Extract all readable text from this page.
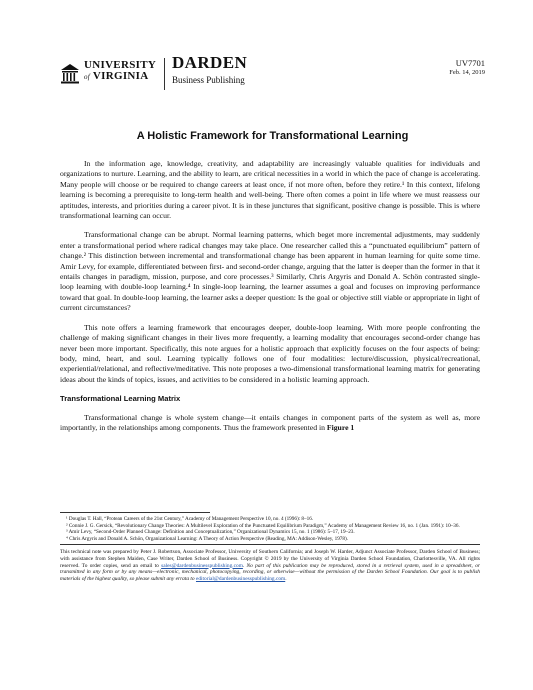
UNIVERSITY
of VIRGINIA
DARDEN
Business Publishing
UV7701
Feb. 14, 2019
A Holistic Framework for Transformational Learning

In the information age, knowledge, creativity, and adaptability are increasingly valuable qualities for individuals and organizations to nurture. Learning, and the ability to learn, are critical necessities in a world in which the pace of change is accelerating. Many people will choose or be required to change careers at least once, if not more often, before they retire.¹ In this context, lifelong learning is becoming a prerequisite to long-term health and well-being. There often comes a point in life where we must reassess our aptitudes, interests, and priorities during a career pivot. It is in these junctures that significant, positive change is possible. This is where transformational learning can occur.

Transformational change can be abrupt. Normal learning patterns, which beget more incremental adjustments, may suddenly enter a transformational period where radical changes may take place. One researcher called this a “punctuated equilibrium” pattern of change.² This distinction between incremental and transformational change has been apparent in human learning for quite some time. Amir Levy, for example, differentiated between first- and second-order change, arguing that the latter is deeper than the former in that it entails changes in paradigm, mission, purpose, and core processes.³ Similarly, Chris Argyris and Donald A. Schön contrasted single-loop learning with double-loop learning.⁴ In single-loop learning, the learner assumes a goal and focuses on improving performance toward that goal. In double-loop learning, the learner asks a deeper question: Is the goal or objective still viable or appropriate in light of current circumstances?

This note offers a learning framework that encourages deeper, double-loop learning. With more people confronting the challenge of making significant changes in their lives more frequently, a learning modality that encourages second-order change has never been more important. Specifically, this note argues for a holistic approach that explicitly focuses on the four aspects of being: body, mind, heart, and soul. Learning typically follows one of four modalities: lecture/discussion, physical/recreational, experiential/relational, and reflective/meditative. This note proposes a two-dimensional transformational learning matrix for generating ideas about the kinds of topics, issues, and activities to be considered in a holistic learning approach.

Transformational Learning Matrix

Transformational change is whole system change—it entails changes in component parts of the system as well as, more importantly, in the relationships among components. Thus the framework presented in Figure 1

¹ Douglas T. Hall, “Protean Careers of the 21st Century,” Academy of Management Perspective 10, no. 4 (1996): 8–16.
² Connie J. G. Gersick, “Revolutionary Change Theories: A Multilevel Exploration of the Punctuated Equilibrium Paradigm,” Academy of Management Review 16, no. 1 (Jan. 1991): 10–36.
³ Amir Levy, “Second-Order Planned Change: Definition and Conceptualization,” Organizational Dynamics 15, no. 1 (1986): 5–17, 19–23.
⁴ Chris Argyris and Donald A. Schön, Organizational Learning: A Theory of Action Perspective (Reading, MA: Addison-Wesley, 1978).
This technical note was prepared by Peter J. Robertson, Associate Professor, University of Southern California; and Joseph W. Harder, Adjunct Associate Professor, Darden School of Business; with assistance from Stephen Maiden, Case Writer, Darden School of Business. Copyright © 2019 by the University of Virginia Darden School Foundation, Charlottesville, VA. All rights reserved. To order copies, send an email to sales@dardenbusinesspublishing.com. No part of this publication may be reproduced, stored in a retrieval system, used in a spreadsheet, or transmitted in any form or by any means—electronic, mechanical, photocopying, recording, or otherwise—without the permission of the Darden School Foundation. Our goal is to publish materials of the highest quality, so please submit any errata to editorial@dardenbusinesspublishing.com.
